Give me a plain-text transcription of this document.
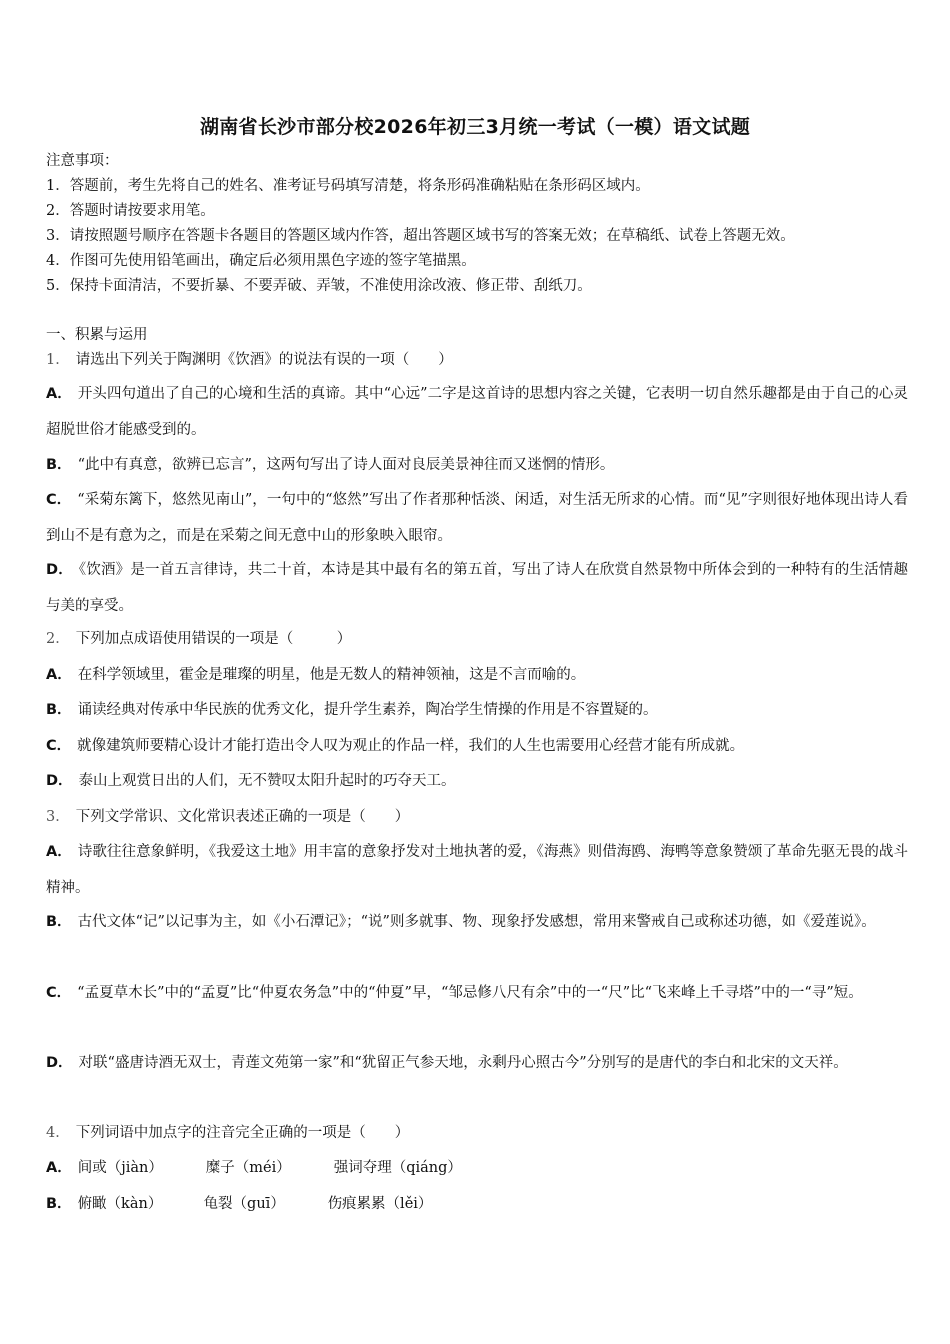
湖南省长沙市部分校2026年初三3月统一考试（一模）语文试题
注意事项：
1．答题前，考生先将自己的姓名、准考证号码填写清楚，将条形码准确粘贴在条形码区域内。
2．答题时请按要求用笔。
3．请按照题号顺序在答题卡各题目的答题区域内作答，超出答题区域书写的答案无效；在草稿纸、试卷上答题无效。
4．作图可先使用铅笔画出，确定后必须用黑色字迹的签字笔描黑。
5．保持卡面清洁，不要折暴、不要弄破、弄皱，不准使用涂改液、修正带、刮纸刀。
一、积累与运用
1． 请选出下列关于陶渊明《饮酒》的说法有误的一项（　　）
A． 开头四句道出了自己的心境和生活的真谛。其中“心远”二字是这首诗的思想内容之关键，它表明一切自然乐趣都是由于自己的心灵超脱世俗才能感受到的。
B． “此中有真意，欲辨已忘言”，这两句写出了诗人面对良辰美景神往而又迷惘的情形。
C． “采菊东篱下，悠然见南山”，一句中的“悠然”写出了作者那种恬淡、闲适，对生活无所求的心情。而“见”字则很好地体现出诗人看到山不是有意为之，而是在采菊之间无意中山的形象映入眼帘。
D． 《饮酒》是一首五言律诗，共二十首，本诗是其中最有名的第五首，写出了诗人在欣赏自然景物中所体会到的一种特有的生活情趣与美的享受。
2． 下列加点成语使用错误的一项是（　　　）
A． 在科学领域里，霍金是璀璨的明星，他是无数人的精神领袖，这是不言而喻的。
B． 诵读经典对传承中华民族的优秀文化，提升学生素养，陶冶学生情操的作用是不容置疑的。
C． 就像建筑师要精心设计才能打造出令人叹为观止的作品一样，我们的人生也需要用心经营才能有所成就。
D． 泰山上观赏日出的人们，无不赞叹太阳升起时的巧夺天工。
3． 下列文学常识、文化常识表述正确的一项是（　　）
A． 诗歌往往意象鲜明，《我爱这土地》用丰富的意象抒发对土地执著的爱，《海燕》则借海鸥、海鸭等意象赞颂了革命先驱无畏的战斗精神。
B． 古代文体“记”以记事为主，如《小石潭记》；“说”则多就事、物、现象抒发感想，常用来警戒自己或称述功德，如《爱莲说》。
C． “孟夏草木长”中的“孟夏”比“仲夏农务急”中的“仲夏”早，“邹忌修八尺有余”中的一“尺”比“飞来峰上千寻塔”中的一“寻”短。
D． 对联“盛唐诗酒无双士，青莲文苑第一家”和“犹留正气参天地，永剩丹心照古今”分别写的是唐代的李白和北宋的文天祥。
4． 下列词语中加点字的注音完全正确的一项是（　　）
A． 间或（jiàn）	糜子（méi）	强词夺理（qiáng）
B． 俯瞰（kàn）	龟裂（guī）	伤痕累累（lěi）
